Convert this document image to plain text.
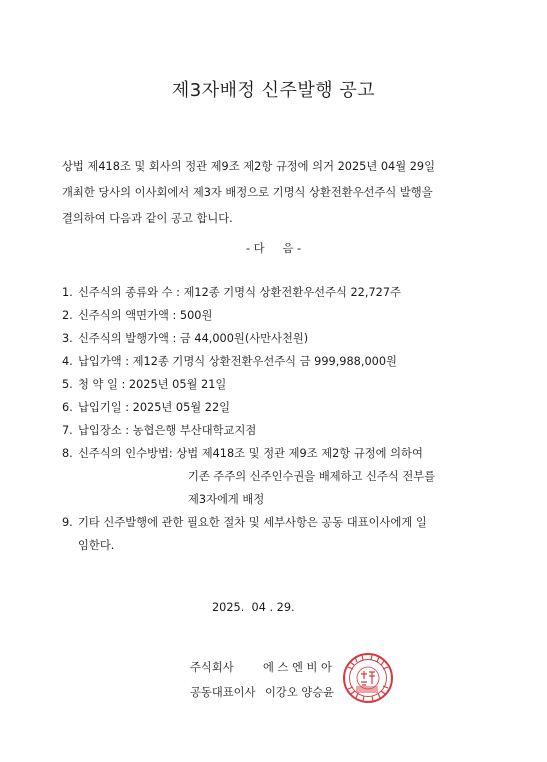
제3자배정 신주발행 공고
상법 제418조 및 회사의 정관 제9조 제2항 규정에 의거 2025년 04월 29일
개최한 당사의 이사회에서 제3자 배정으로 기명식 상환전환우선주식 발행을
결의하여 다음과 같이 공고 합니다.
- 다     음 -
1. 신주식의 종류와 수 : 제12종 기명식 상환전환우선주식 22,727주
2. 신주식의 액면가액 : 500원
3. 신주식의 발행가액 : 금 44,000원(사만사천원)
4. 납입가액 : 제12종 기명식 상환전환우선주식 금 999,988,000원
5. 청 약 일 : 2025년 05월 21일
6. 납입기일 : 2025년 05월 22일
7. 납입장소 : 농협은행 부산대학교지점
8. 신주식의 인수방법: 상법 제418조 및 정관 제9조 제2항 규정에 의하여
기존 주주의 신주인수권을 배제하고 신주식 전부를
제3자에게 배정
9. 기타 신주발행에 관한 필요한 절차 및 세부사항은 공동 대표이사에게 일
임한다.
2025.  04 . 29.
주식회사	에 스 엔 비 아
공동대표이사 이강오 양승윤
